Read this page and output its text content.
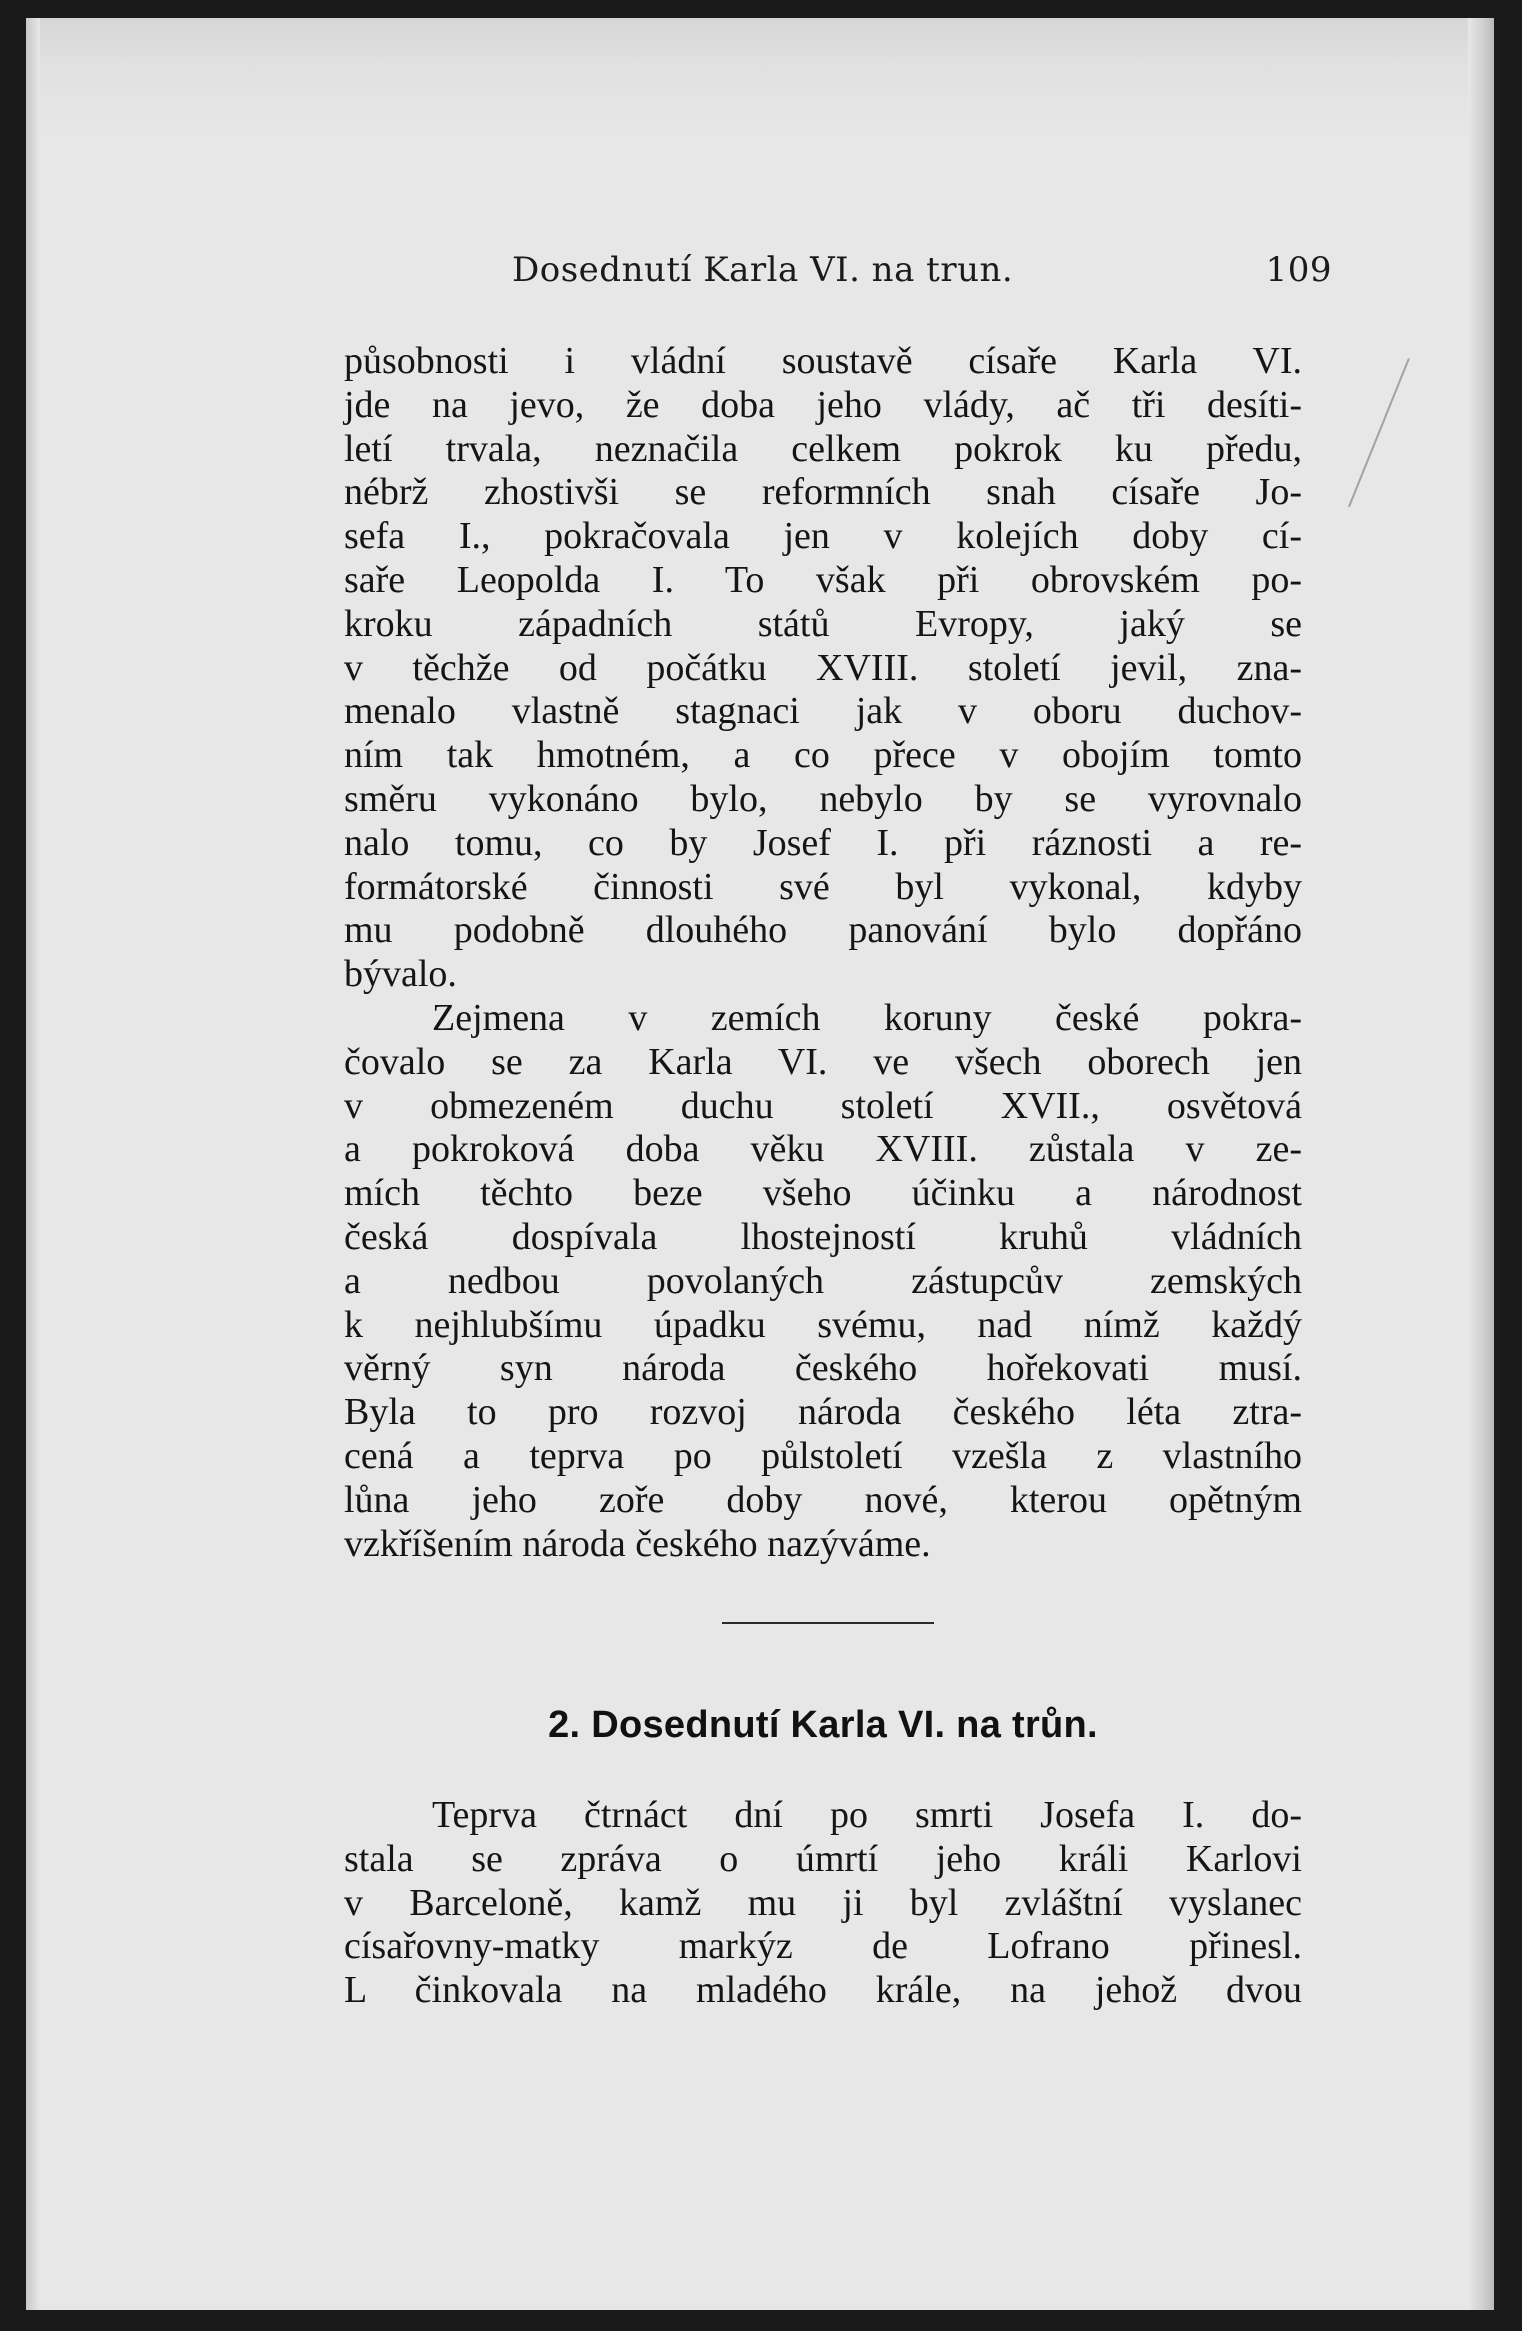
Dosednutí Karla VI. na trun.	109
působnosti i vládní soustavě císaře Karla VI.
jde na jevo, že doba jeho vlády, ač tři desíti-
letí trvala, neznačila celkem pokrok ku předu,
nébrž zhostivši se reformních snah císaře Jo-
sefa I., pokračovala jen v kolejích doby cí-
saře Leopolda I. To však při obrovském po-
kroku západních států Evropy, jaký se
v těchže od počátku XVIII. století jevil, zna-
menalo vlastně stagnaci jak v oboru duchov-
ním tak hmotném, a co přece v obojím tomto
směru vykonáno bylo, nebylo by se vyrovnalo
nalo tomu, co by Josef I. při ráznosti a re-
formátorské činnosti své byl vykonal, kdyby
mu podobně dlouhého panování bylo dopřáno
bývalo.
Zejmena v zemích koruny české pokra-
čovalo se za Karla VI. ve všech oborech jen
v obmezeném duchu století XVII., osvětová
a pokroková doba věku XVIII. zůstala v ze-
mích těchto beze všeho účinku a národnost
česká dospívala lhostejností kruhů vládních
a nedbou povolaných zástupcův zemských
k nejhlubšímu úpadku svému, nad nímž každý
věrný syn národa českého hořekovati musí.
Byla to pro rozvoj národa českého léta ztra-
cená a teprva po půlstoletí vzešla z vlastního
lůna jeho zoře doby nové, kterou opětným
vzkříšením národa českého nazýváme.
2. Dosednutí Karla VI. na trůn.
Teprva čtrnáct dní po smrti Josefa I. do-
stala se zpráva o úmrtí jeho králi Karlovi
v Barceloně, kamž mu ji byl zvláštní vyslanec
císařovny-matky markýz de Lofrano přinesl.
L činkovala na mladého krále, na jehož dvou
